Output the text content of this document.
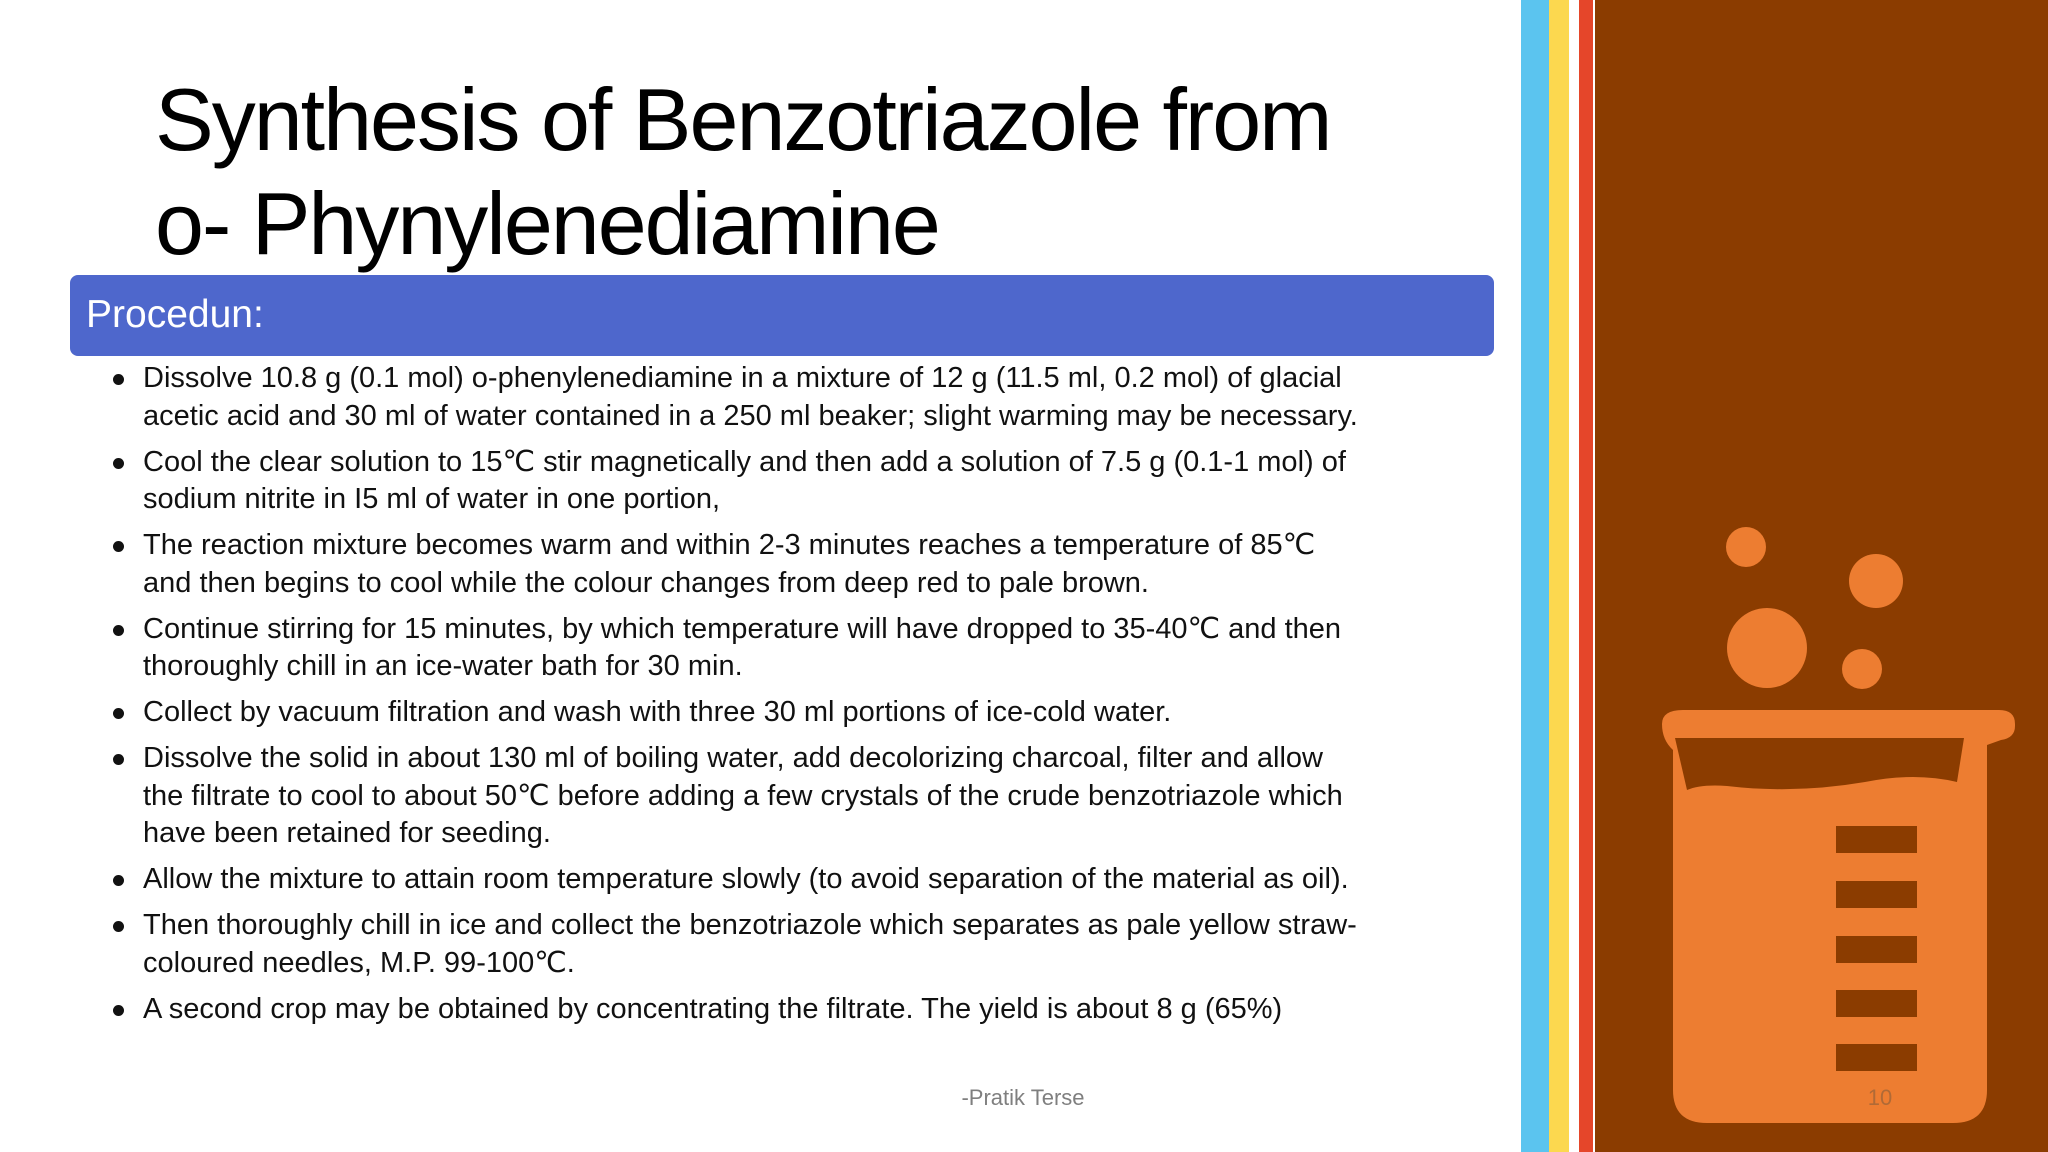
Synthesis of Benzotriazole from
o- Phynylenediamine
Procedun:
Dissolve 10.8 g (0.1 mol) o-phenylenediamine in a mixture of 12 g (11.5 ml, 0.2 mol) of glacial
acetic acid and 30 ml of water contained in a 250 ml beaker; slight warming may be necessary.
Cool the clear solution to 15℃ stir magnetically and then add a solution of 7.5 g (0.1-1 mol) of
sodium nitrite in I5 ml of water in one portion,
The reaction mixture becomes warm and within 2-3 minutes reaches a temperature of 85℃
and then begins to cool while the colour changes from deep red to pale brown.
Continue stirring for 15 minutes, by which temperature will have dropped to 35-40℃ and then
thoroughly chill in an ice-water bath for 30 min.
Collect by vacuum filtration and wash with three 30 ml portions of ice-cold water.
Dissolve the solid in about 130 ml of boiling water, add decolorizing charcoal, filter and allow
the filtrate to cool to about 50℃ before adding a few crystals of the crude benzotriazole which
have been retained for seeding.
Allow the mixture to attain room temperature slowly (to avoid separation of the material as oil).
Then thoroughly chill in ice and collect the benzotriazole which separates as pale yellow straw-
coloured needles, M.P. 99-100℃.
A second crop may be obtained by concentrating the filtrate. The yield is about 8 g (65%)
-Pratik Terse	10
